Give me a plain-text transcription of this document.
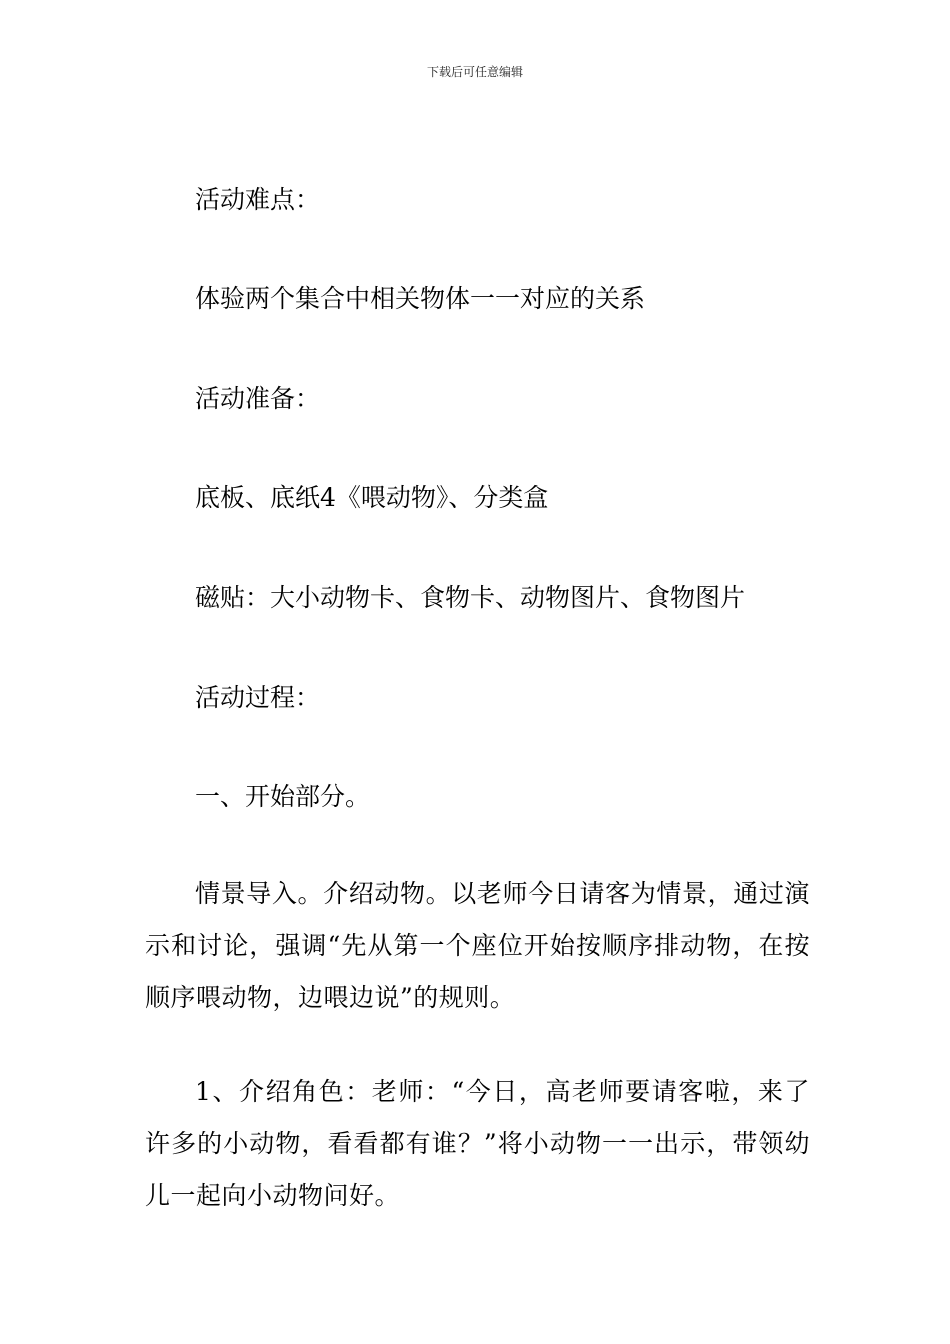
下载后可任意编辑
活动难点：
体验两个集合中相关物体一一对应的关系
活动准备：
底板、底纸4《喂动物》、分类盒
磁贴：大小动物卡、食物卡、动物图片、食物图片
活动过程：
一、开始部分。
情景导入。介绍动物。以老师今日请客为情景，通过演示和讨论，强调“先从第一个座位开始按顺序排动物，在按顺序喂动物，边喂边说”的规则。
1、介绍角色：老师：“今日，高老师要请客啦，来了许多的小动物，看看都有谁？”将小动物一一出示，带领幼儿一起向小动物问好。
